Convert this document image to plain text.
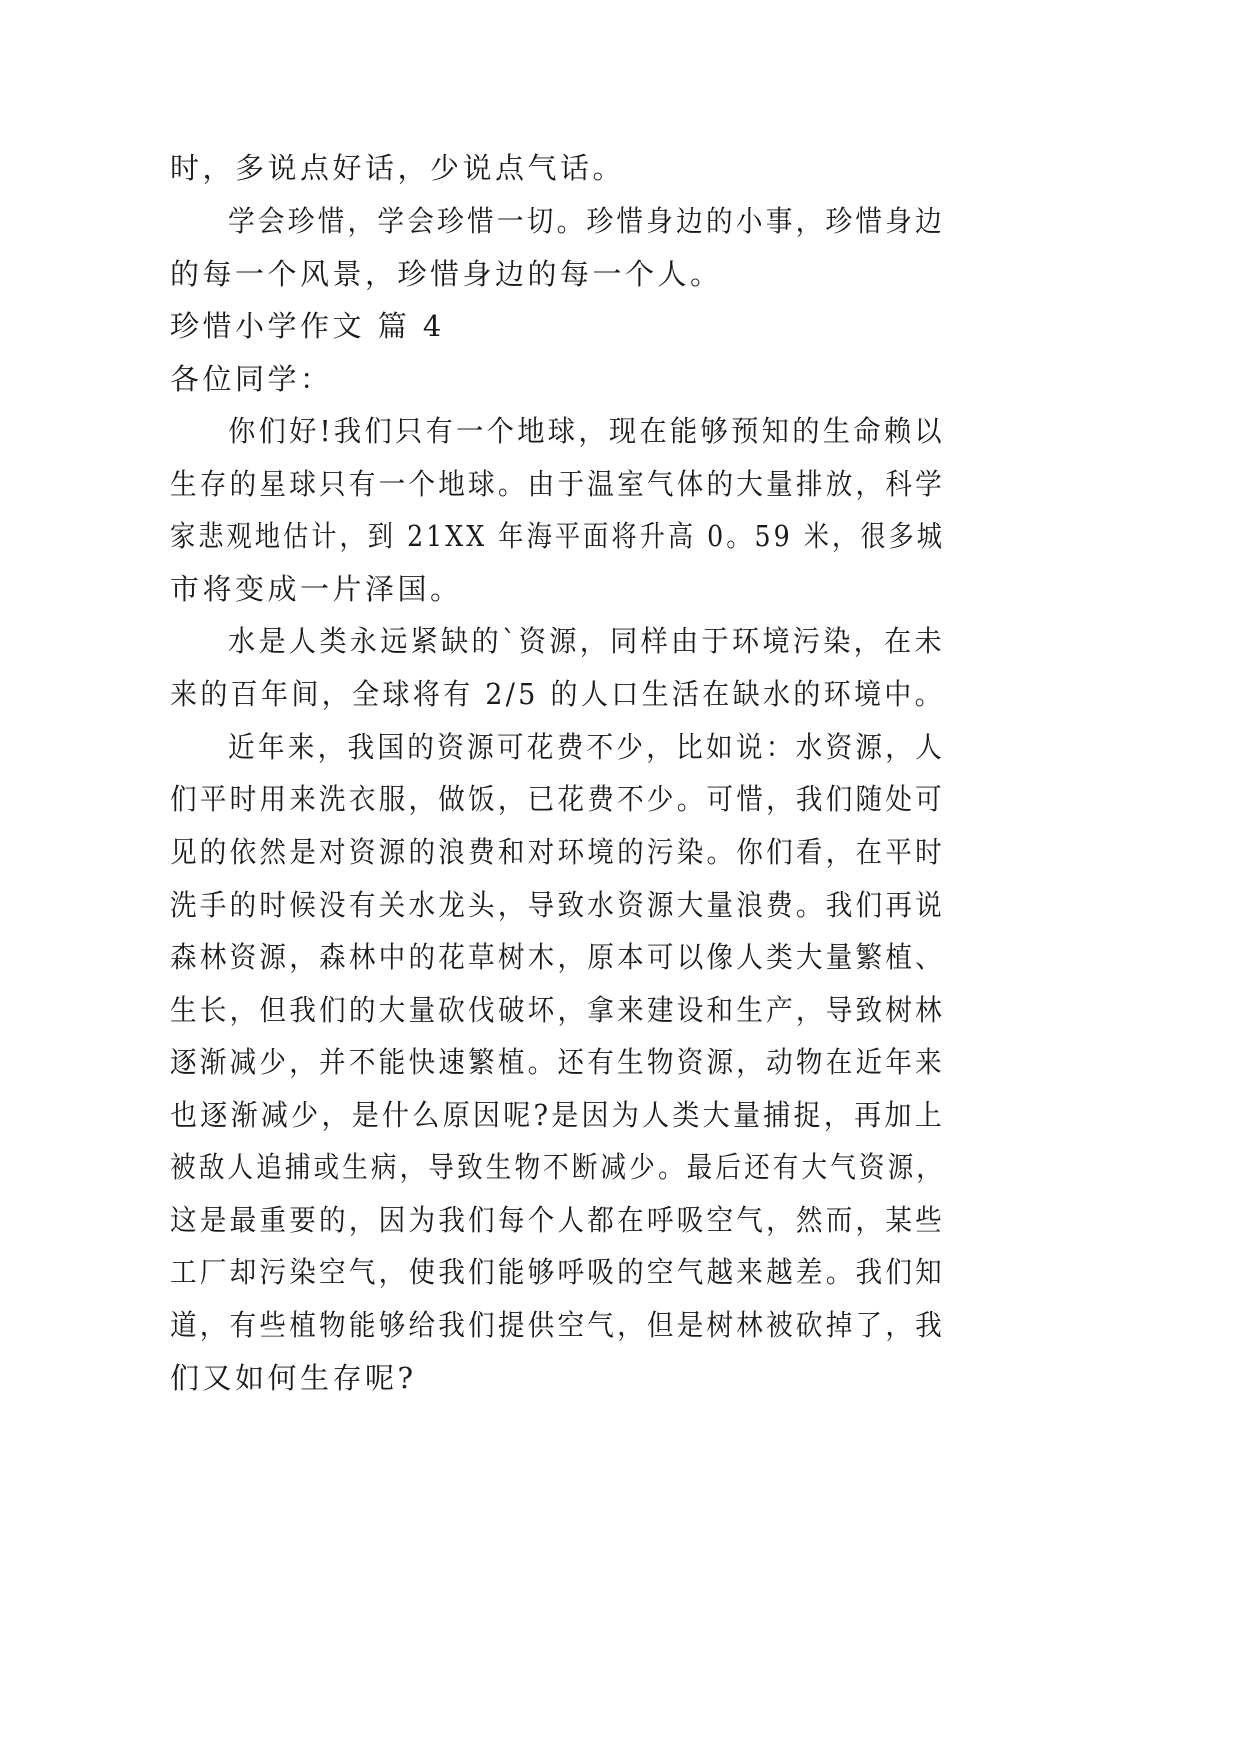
时，多说点好话，少说点气话。
学会珍惜，学会珍惜一切。珍惜身边的小事，珍惜身边
的每一个风景，珍惜身边的每一个人。
珍惜小学作文 篇 4
各位同学：
你们好!我们只有一个地球，现在能够预知的生命赖以
生存的星球只有一个地球。由于温室气体的大量排放，科学
家悲观地估计，到 21XX 年海平面将升高 0。59 米，很多城
市将变成一片泽国。
水是人类永远紧缺的`资源，同样由于环境污染，在未
来的百年间，全球将有 2/5 的人口生活在缺水的环境中。
近年来，我国的资源可花费不少，比如说：水资源，人
们平时用来洗衣服，做饭，已花费不少。可惜，我们随处可
见的依然是对资源的浪费和对环境的污染。你们看，在平时
洗手的时候没有关水龙头，导致水资源大量浪费。我们再说
森林资源，森林中的花草树木，原本可以像人类大量繁植、
生长，但我们的大量砍伐破坏，拿来建设和生产，导致树林
逐渐减少，并不能快速繁植。还有生物资源，动物在近年来
也逐渐减少，是什么原因呢?是因为人类大量捕捉，再加上
被敌人追捕或生病，导致生物不断减少。最后还有大气资源，
这是最重要的，因为我们每个人都在呼吸空气，然而，某些
工厂却污染空气，使我们能够呼吸的空气越来越差。我们知
道，有些植物能够给我们提供空气，但是树林被砍掉了，我
们又如何生存呢?
